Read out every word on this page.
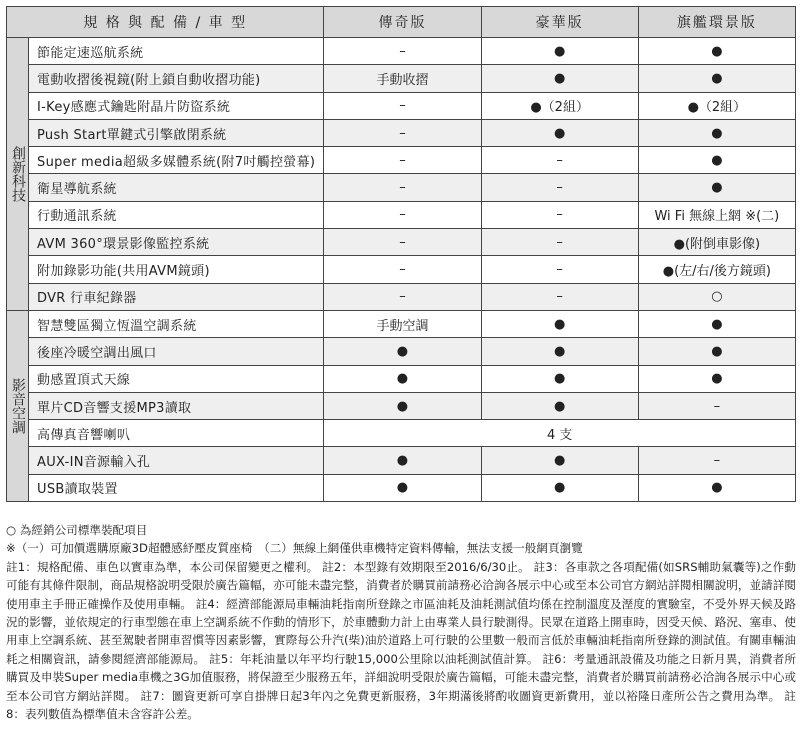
規 格 與 配 備 / 車 型		傳奇版	豪華版	旗艦環景版
創新科技	節能定速巡航系統	–	●	●
	電動收摺後視鏡(附上鎖自動收摺功能)	手動收摺	●	●
	I-Key感應式鑰匙附晶片防盜系統	–	●（2組）	●（2組）
	Push Start單鍵式引擎啟閉系統	–	●	●
	Super media超級多媒體系統(附7吋觸控螢幕)	–	–	●
	衛星導航系統	–	–	●
	行動通訊系統	–	–	Wi Fi 無線上網 ※(二)
	AVM 360°環景影像監控系統	–	–	●(附倒車影像)
	附加錄影功能(共用AVM鏡頭)	–	–	●(左/右/後方鏡頭)
	DVR 行車紀錄器	–	–	○
影音空調	智慧雙區獨立恆溫空調系統	手動空調	●	●
	後座冷暖空調出風口	●	●	●
	動感置頂式天線	●	●	●
	單片CD音響支援MP3讀取	●	●	–
	高傳真音響喇叭	4 支		
	AUX-IN音源輸入孔	●	●	–
	USB讀取裝置	●	●	●

○ 為經銷公司標準裝配項目

※（一）可加價選購原廠3D超體感紓壓皮質座椅　（二）無線上網僅供車機特定資料傳輸，無法支援一般網頁瀏覽

註1：規格配備、車色以實車為準，本公司保留變更之權利。 註2：本型錄有效期限至2016/6/30止。 註3：各車款之各項配備(如SRS輔助氣囊等)之作動可能有其條件限制，商品規格說明受限於廣告篇幅，亦可能未盡完整，消費者於購買前請務必洽詢各展示中心或至本公司官方網站詳閱相關說明，並請詳閱使用車主手冊正確操作及使用車輛。 註4：經濟部能源局車輛油耗指南所登錄之市區油耗及油耗測試值均係在控制溫度及溼度的實驗室，不受外界天候及路況的影響，並依規定的行車型態在車上空調系統不作動的情形下，於車體動力計上由專業人員行駛測得。民眾在道路上開車時，因受天候、路況、塞車、使用車上空調系統、甚至駕駛者開車習慣等因素影響，實際每公升汽(柴)油於道路上可行駛的公里數一般而言低於車輛油耗指南所登錄的測試值。有關車輛油耗之相關資訊，請參閱經濟部能源局。 註5：年耗油量以年平均行駛15,000公里除以油耗測試值計算。 註6：考量通訊設備及功能之日新月異，消費者所購買及申裝Super media車機之3G加值服務，將保證至少服務五年，詳細說明受限於廣告篇幅，可能未盡完整，消費者於購買前請務必洽詢各展示中心或至本公司官方網站詳閱。 註7：圖資更新可享自掛牌日起3年內之免費更新服務，3年期滿後將酌收圖資更新費用，並以裕隆日產所公告之費用為準。 註8：表列數值為標準值未含容許公差。
